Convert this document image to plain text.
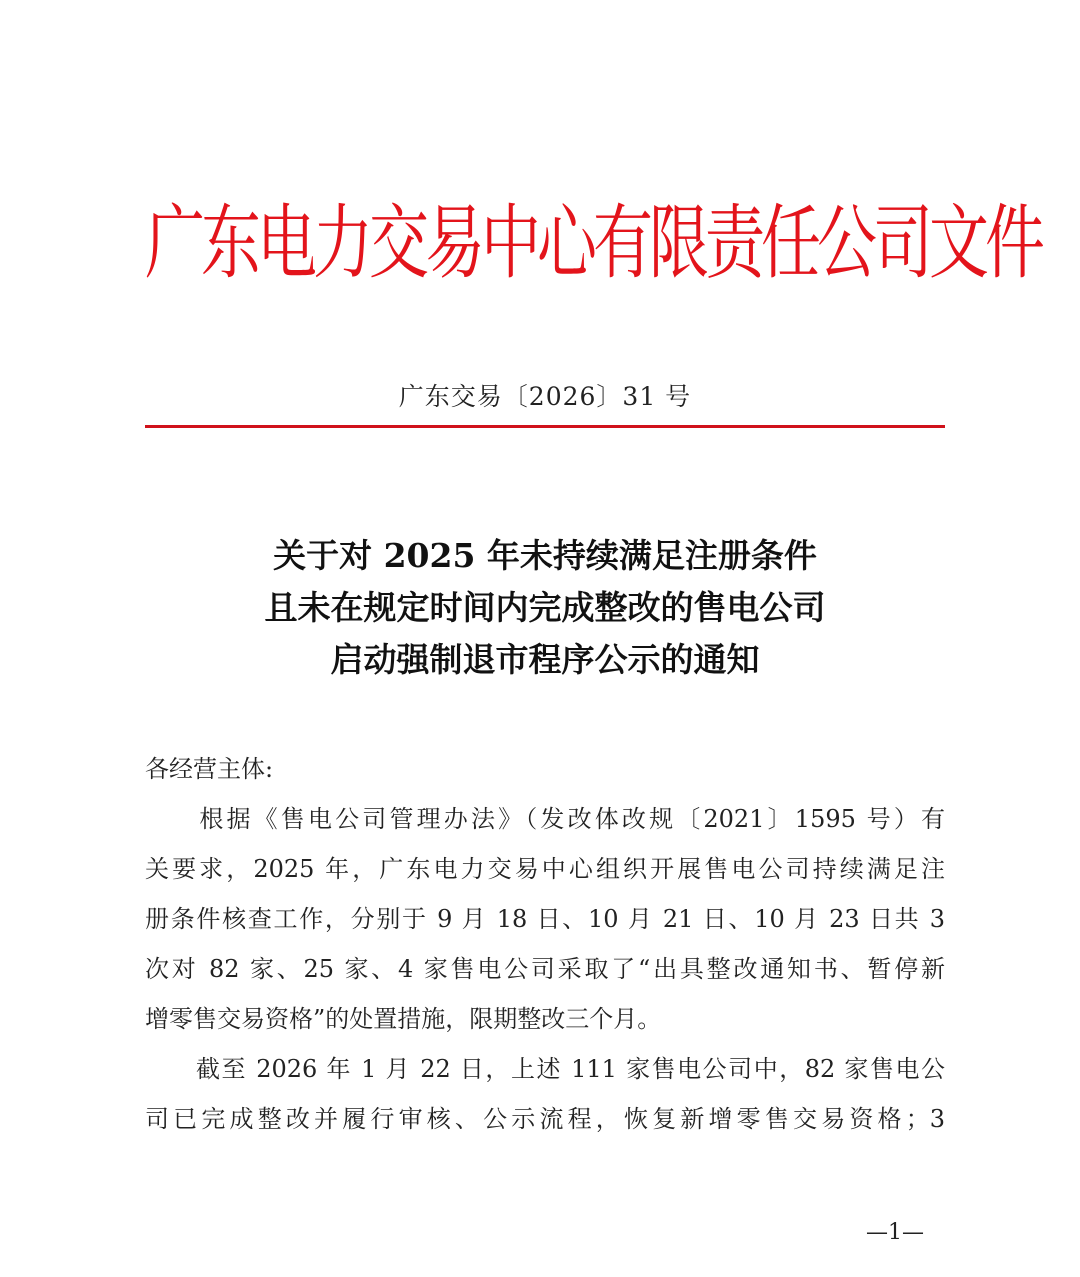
广东电力交易中心有限责任公司文件
广东交易〔2026〕31 号
关于对 2025 年未持续满足注册条件
且未在规定时间内完成整改的售电公司
启动强制退市程序公示的通知
各经营主体:
　　根据《售电公司管理办法》（发改体改规〔2021〕1595 号）有
关要求，2025 年，广东电力交易中心组织开展售电公司持续满足注
册条件核查工作，分别于 9 月 18 日、10 月 21 日、10 月 23 日共 3
次对 82 家、25 家、4 家售电公司采取了“出具整改通知书、暂停新
增零售交易资格”的处置措施，限期整改三个月。
　　截至 2026 年 1 月 22 日，上述 111 家售电公司中，82 家售电公
司已完成整改并履行审核、公示流程，恢复新增零售交易资格；3
—1—
